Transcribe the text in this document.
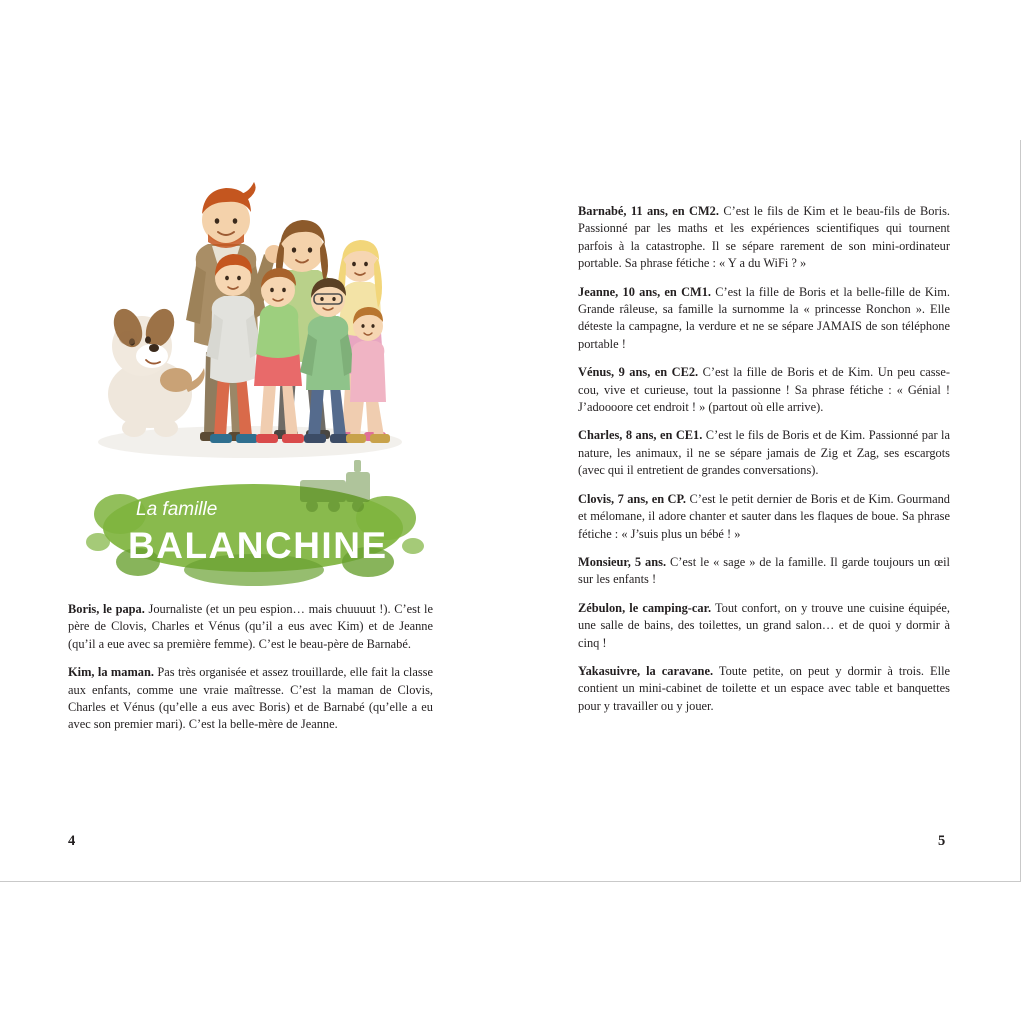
La famille
BALANCHINE

Boris, le papa. Journaliste (et un peu espion… mais chuuuut !). C’est le père de Clovis, Charles et Vénus (qu’il a eus avec Kim) et de Jeanne (qu’il a eue avec sa première femme). C’est le beau-père de Barnabé.

Kim, la maman. Pas très organisée et assez trouillarde, elle fait la classe aux enfants, comme une vraie maîtresse. C’est la maman de Clovis, Charles et Vénus (qu’elle a eus avec Boris) et de Barnabé (qu’elle a eu avec son premier mari). C’est la belle-mère de Jeanne.

4

Barnabé, 11 ans, en CM2. C’est le fils de Kim et le beau-fils de Boris. Passionné par les maths et les expériences scientifiques qui tournent parfois à la catastrophe. Il se sépare rarement de son mini-ordinateur portable. Sa phrase fétiche : « Y a du WiFi ? »

Jeanne, 10 ans, en CM1. C’est la fille de Boris et la belle-fille de Kim. Grande râleuse, sa famille la surnomme la « princesse Ronchon ». Elle déteste la campagne, la verdure et ne se sépare JAMAIS de son téléphone portable !

Vénus, 9 ans, en CE2. C’est la fille de Boris et de Kim. Un peu casse-cou, vive et curieuse, tout la passionne ! Sa phrase fétiche : « Génial ! J’adoooore cet endroit ! » (partout où elle arrive).

Charles, 8 ans, en CE1. C’est le fils de Boris et de Kim. Passionné par la nature, les animaux, il ne se sépare jamais de Zig et Zag, ses escargots (avec qui il entretient de grandes conversations).

Clovis, 7 ans, en CP. C’est le petit dernier de Boris et de Kim. Gourmand et mélomane, il adore chanter et sauter dans les flaques de boue. Sa phrase fétiche : « J’suis plus un bébé ! »

Monsieur, 5 ans. C’est le « sage » de la famille. Il garde toujours un œil sur les enfants !

Zébulon, le camping-car. Tout confort, on y trouve une cuisine équipée, une salle de bains, des toilettes, un grand salon… et de quoi y dormir à cinq !

Yakasuivre, la caravane. Toute petite, on peut y dormir à trois. Elle contient un mini-cabinet de toilette et un espace avec table et banquettes pour y travailler ou y jouer.

5
